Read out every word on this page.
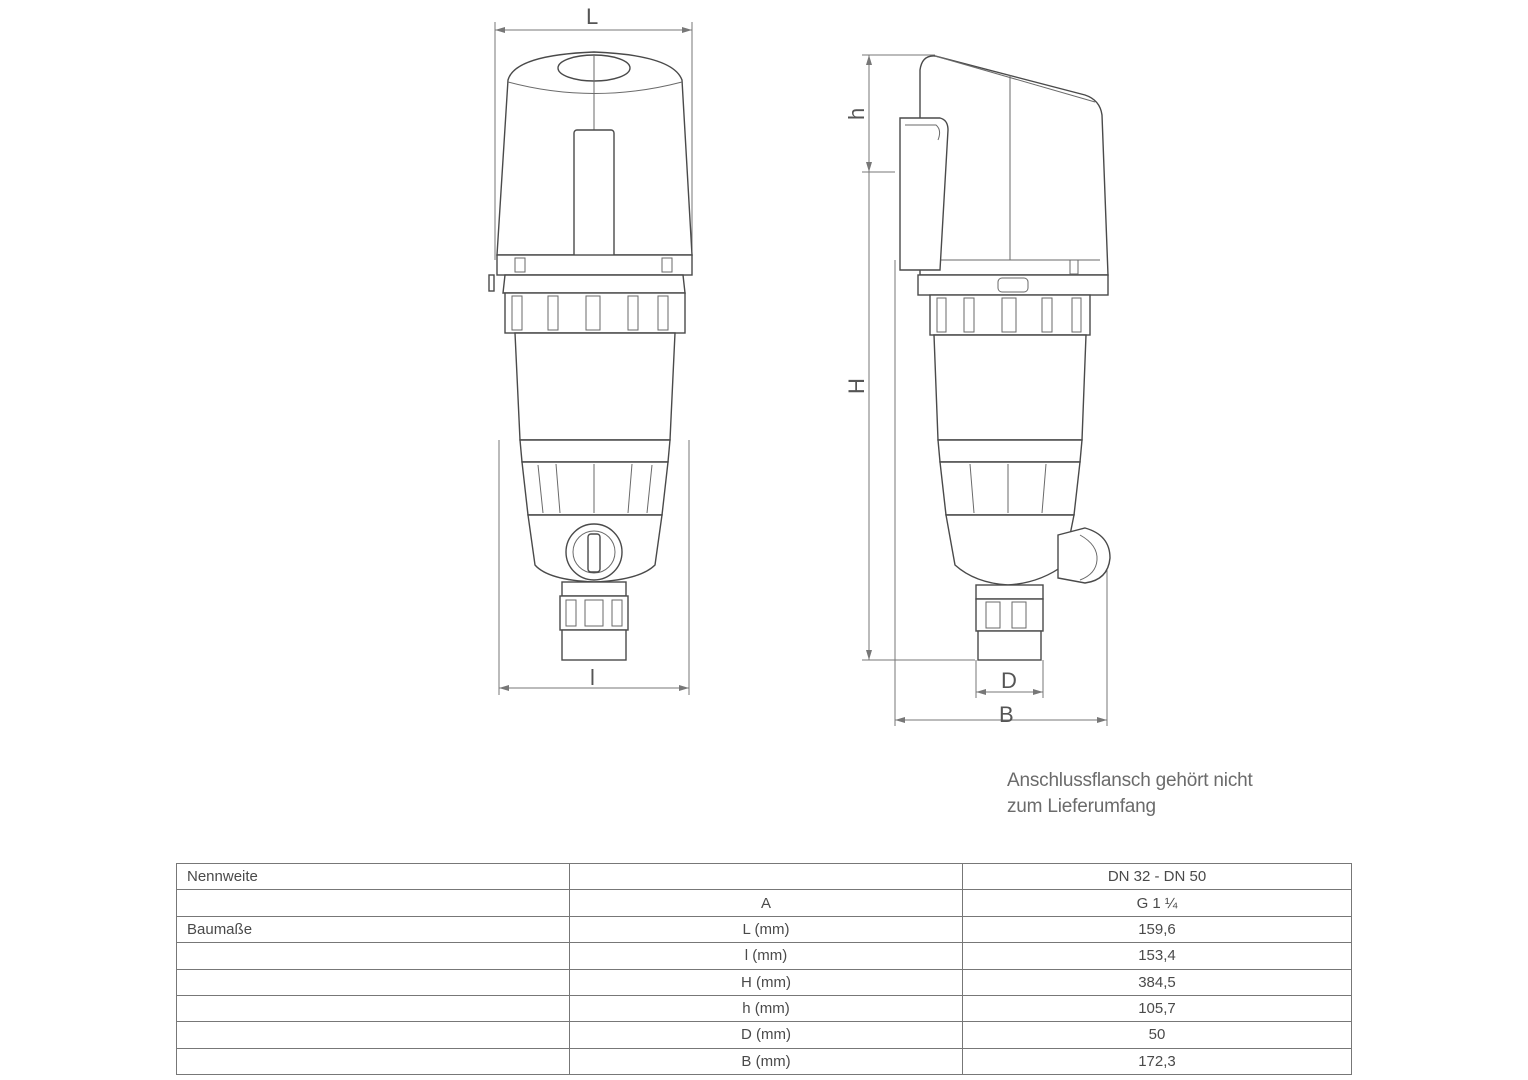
L
l
h
H
D
B
Anschlussflansch gehört nicht
zum Lieferumfang
Nennweite		DN 32 - DN 50
	A	G 1 ¼
Baumaße	L (mm)	159,6
	l (mm)	153,4
	H (mm)	384,5
	h (mm)	105,7
	D (mm)	50
	B (mm)	172,3
